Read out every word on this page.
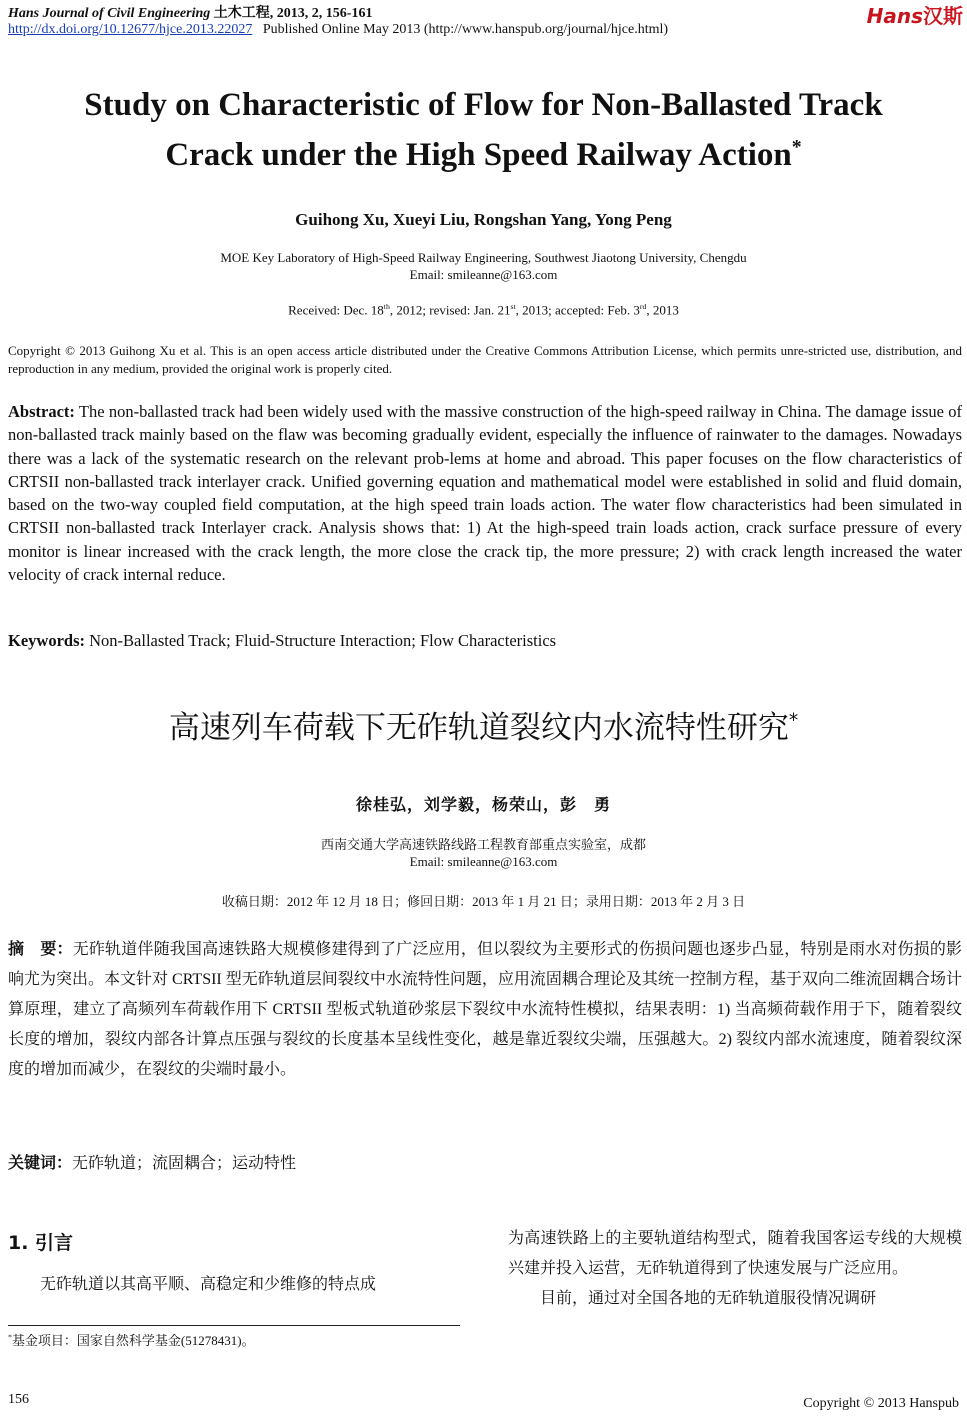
Hans Journal of Civil Engineering 土木工程, 2013, 2, 156-161
http://dx.doi.org/10.12677/hjce.2013.22027 Published Online May 2013 (http://www.hanspub.org/journal/hjce.html)
Hans汉斯
Study on Characteristic of Flow for Non-Ballasted Track
Crack under the High Speed Railway Action*
Guihong Xu, Xueyi Liu, Rongshan Yang, Yong Peng
MOE Key Laboratory of High-Speed Railway Engineering, Southwest Jiaotong University, Chengdu
Email: smileanne@163.com
Received: Dec. 18th, 2012; revised: Jan. 21st, 2013; accepted: Feb. 3rd, 2013
Copyright © 2013 Guihong Xu et al. This is an open access article distributed under the Creative Commons Attribution License, which permits unre-stricted use, distribution, and reproduction in any medium, provided the original work is properly cited.
Abstract: The non-ballasted track had been widely used with the massive construction of the high-speed railway in China. The damage issue of non-ballasted track mainly based on the flaw was becoming gradually evident, especially the influence of rainwater to the damages. Nowadays there was a lack of the systematic research on the relevant prob-lems at home and abroad. This paper focuses on the flow characteristics of CRTSII non-ballasted track interlayer crack. Unified governing equation and mathematical model were established in solid and fluid domain, based on the two-way coupled field computation, at the high speed train loads action. The water flow characteristics had been simulated in CRTSII non-ballasted track Interlayer crack. Analysis shows that: 1) At the high-speed train loads action, crack surface pressure of every monitor is linear increased with the crack length, the more close the crack tip, the more pressure; 2) with crack length increased the water velocity of crack internal reduce.
Keywords: Non-Ballasted Track; Fluid-Structure Interaction; Flow Characteristics
高速列车荷载下无砟轨道裂纹内水流特性研究*
徐桂弘，刘学毅，杨荣山，彭　勇
西南交通大学高速铁路线路工程教育部重点实验室，成都
Email: smileanne@163.com
收稿日期：2012 年 12 月 18 日；修回日期：2013 年 1 月 21 日；录用日期：2013 年 2 月 3 日
摘　要：无砟轨道伴随我国高速铁路大规模修建得到了广泛应用，但以裂纹为主要形式的伤损问题也逐步凸显，特别是雨水对伤损的影响尤为突出。本文针对 CRTSII 型无砟轨道层间裂纹中水流特性问题，应用流固耦合理论及其统一控制方程，基于双向二维流固耦合场计算原理，建立了高频列车荷载作用下 CRTSII 型板式轨道砂浆层下裂纹中水流特性模拟，结果表明：1) 当高频荷载作用于下，随着裂纹长度的增加，裂纹内部各计算点压强与裂纹的长度基本呈线性变化，越是靠近裂纹尖端，压强越大。2) 裂纹内部水流速度，随着裂纹深度的增加而减少，在裂纹的尖端时最小。
关键词：无砟轨道；流固耦合；运动特性
1. 引言
无砟轨道以其高平顺、高稳定和少维修的特点成
为高速铁路上的主要轨道结构型式，随着我国客运专线的大规模兴建并投入运营，无砟轨道得到了快速发展与广泛应用。
目前，通过对全国各地的无砟轨道服役情况调研
*基金项目：国家自然科学基金(51278431)。
156	Copyright © 2013 Hanspub
